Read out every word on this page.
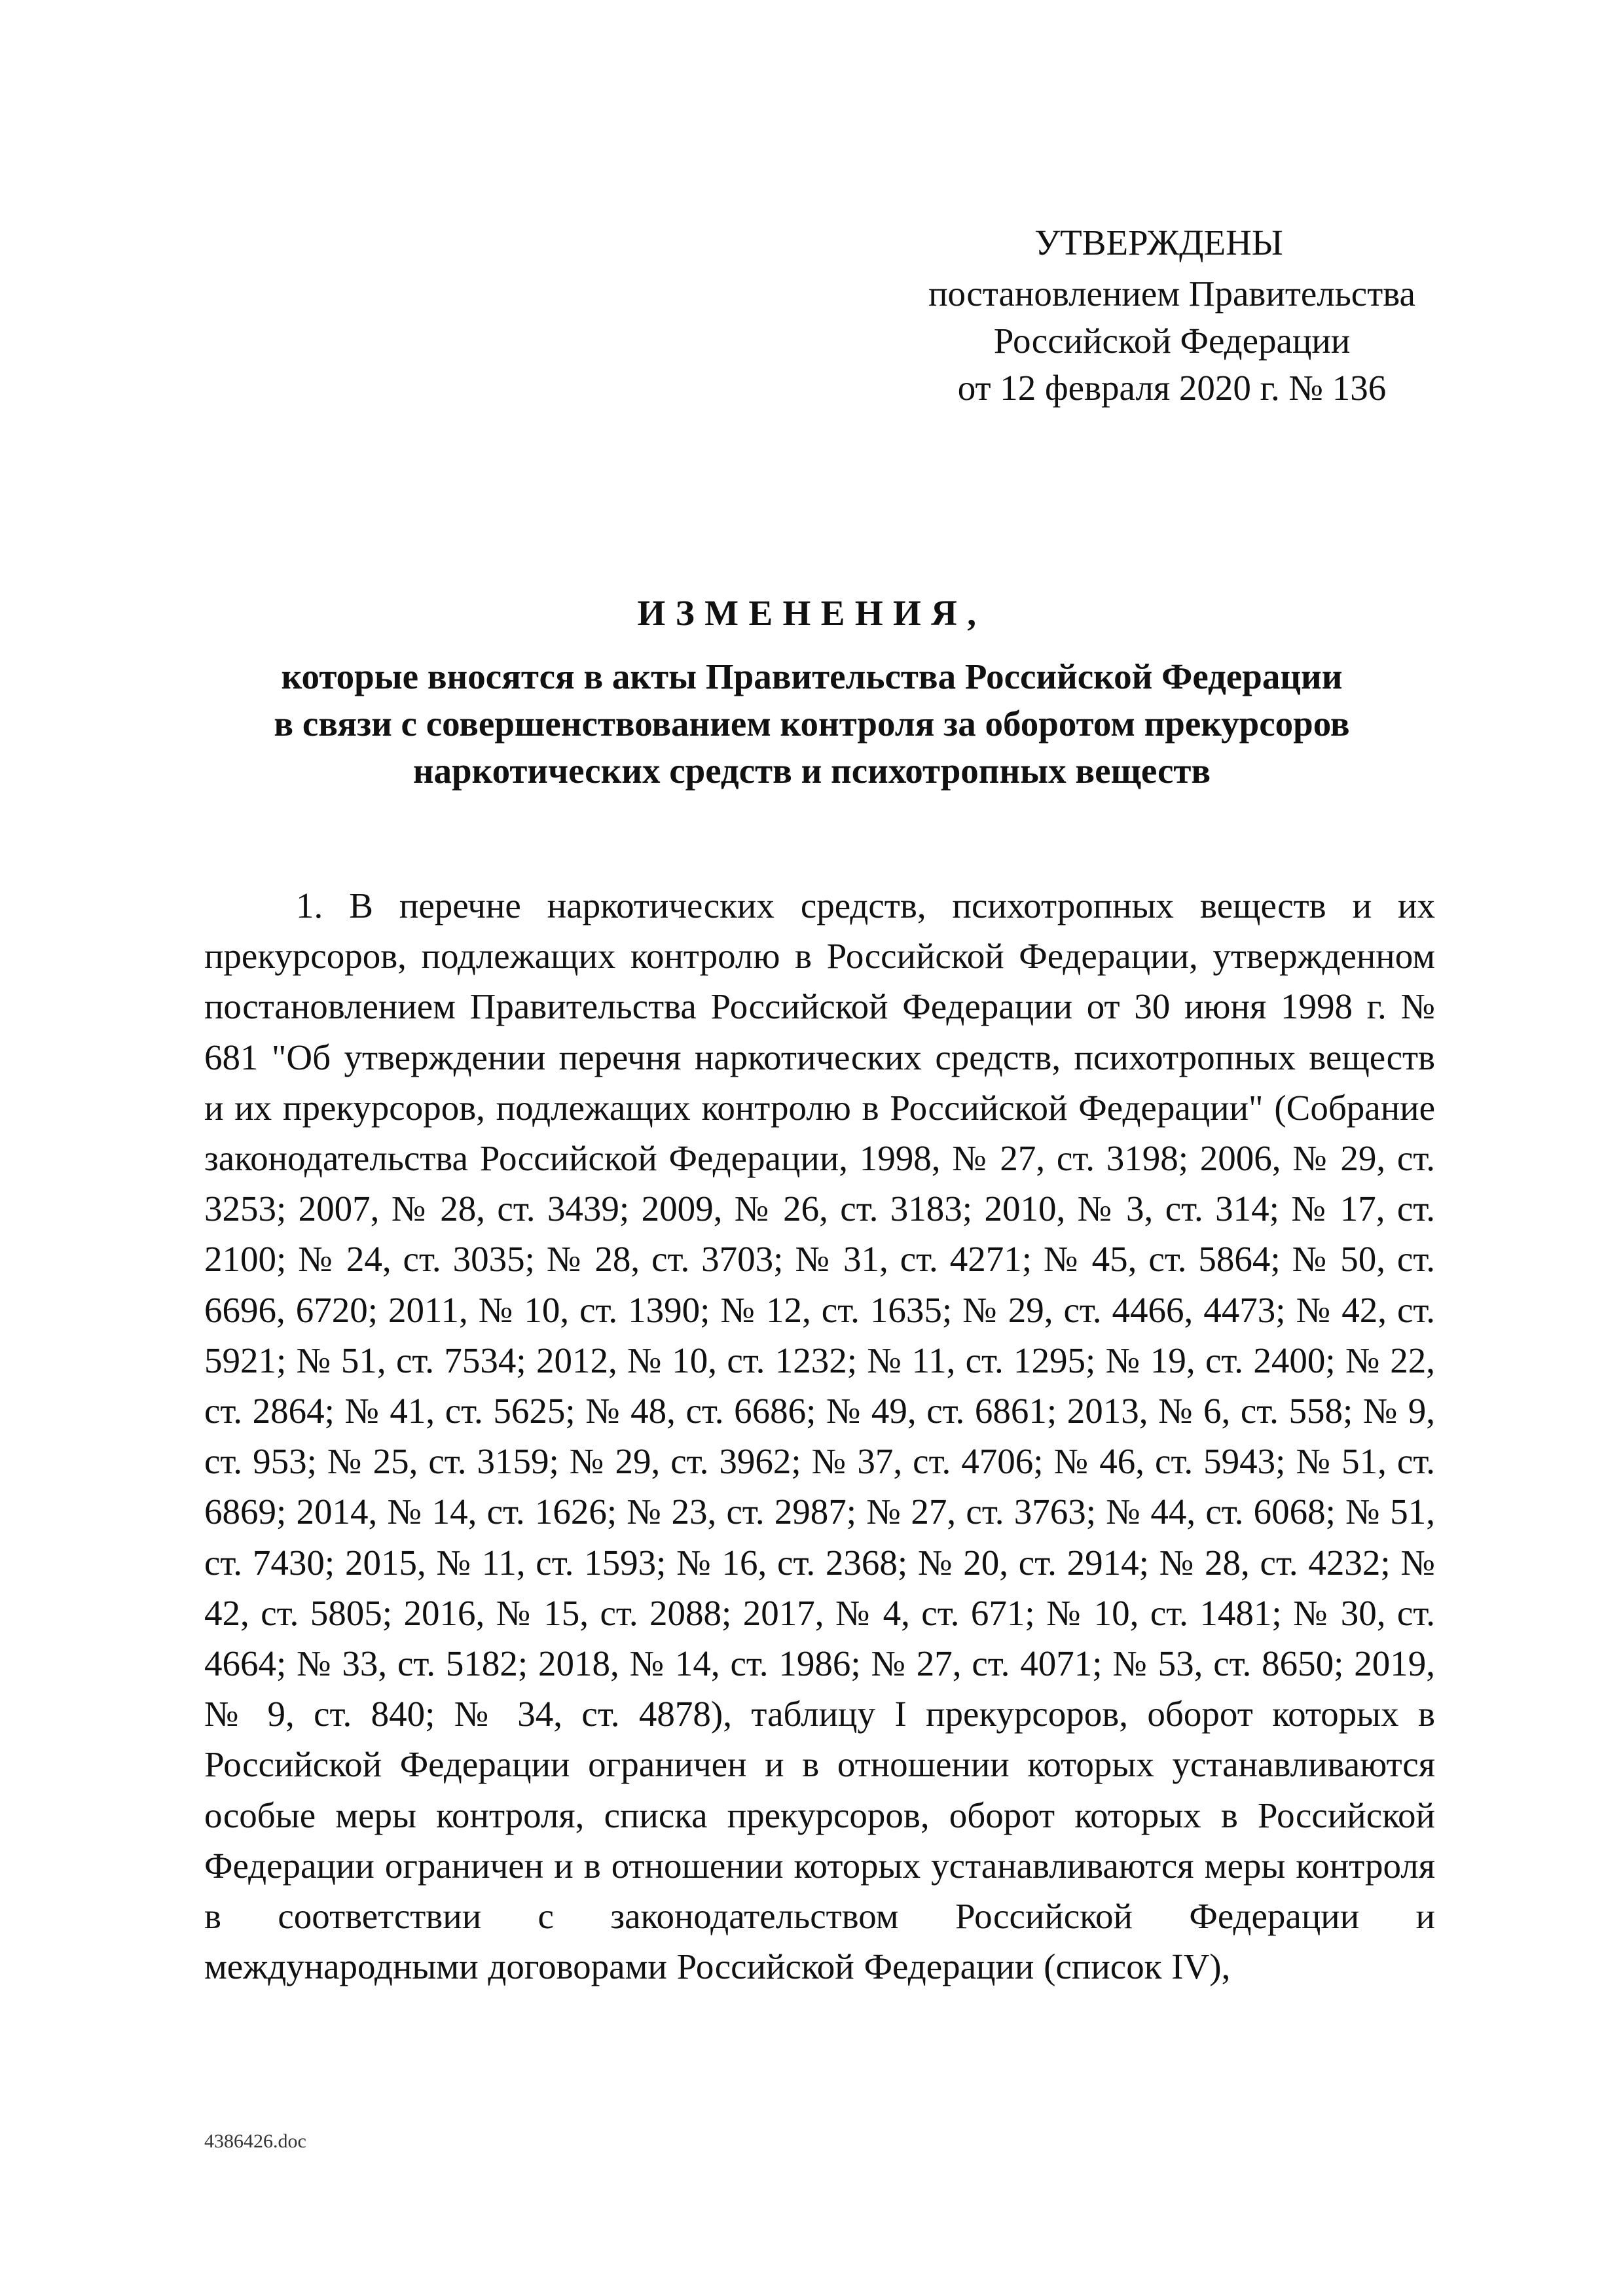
УТВЕРЖДЕНЫ
постановлением Правительства
Российской Федерации
от 12 февраля 2020 г. № 136
ИЗМЕНЕНИЯ,
которые вносятся в акты Правительства Российской Федерации
в связи с совершенствованием контроля за оборотом прекурсоров
наркотических средств и психотропных веществ

1. В перечне наркотических средств, психотропных веществ и их прекурсоров, подлежащих контролю в Российской Федерации, утвержденном постановлением Правительства Российской Федерации от 30 июня 1998 г. № 681 "Об утверждении перечня наркотических средств, психотропных веществ и их прекурсоров, подлежащих контролю в Российской Федерации" (Собрание законодательства Российской Федерации, 1998, № 27, ст. 3198; 2006, № 29, ст. 3253; 2007, № 28, ст. 3439; 2009, № 26, ст. 3183; 2010, № 3, ст. 314; № 17, ст. 2100; № 24, ст. 3035; № 28, ст. 3703; № 31, ст. 4271; № 45, ст. 5864; № 50, ст. 6696, 6720; 2011, № 10, ст. 1390; № 12, ст. 1635; № 29, ст. 4466, 4473; № 42, ст. 5921; № 51, ст. 7534; 2012, № 10, ст. 1232; № 11, ст. 1295; № 19, ст. 2400; № 22, ст. 2864; № 41, ст. 5625; № 48, ст. 6686; № 49, ст. 6861; 2013, № 6, ст. 558; № 9, ст. 953; № 25, ст. 3159; № 29, ст. 3962; № 37, ст. 4706; № 46, ст. 5943; № 51, ст. 6869; 2014, № 14, ст. 1626; № 23, ст. 2987; № 27, ст. 3763; № 44, ст. 6068; № 51, ст. 7430; 2015, № 11, ст. 1593; № 16, ст. 2368; № 20, ст. 2914; № 28, ст. 4232; № 42, ст. 5805; 2016, № 15, ст. 2088; 2017, № 4, ст. 671; № 10, ст. 1481; № 30, ст. 4664; № 33, ст. 5182; 2018, № 14, ст. 1986; № 27, ст. 4071; № 53, ст. 8650; 2019, № 9, ст. 840; № 34, ст. 4878), таблицу I прекурсоров, оборот которых в Российской Федерации ограничен и в отношении которых устанавливаются особые меры контроля, списка прекурсоров, оборот которых в Российской Федерации ограничен и в отношении которых устанавливаются меры контроля в соответствии с законодательством Российской Федерации и международными договорами Российской Федерации (список IV),

4386426.doc
